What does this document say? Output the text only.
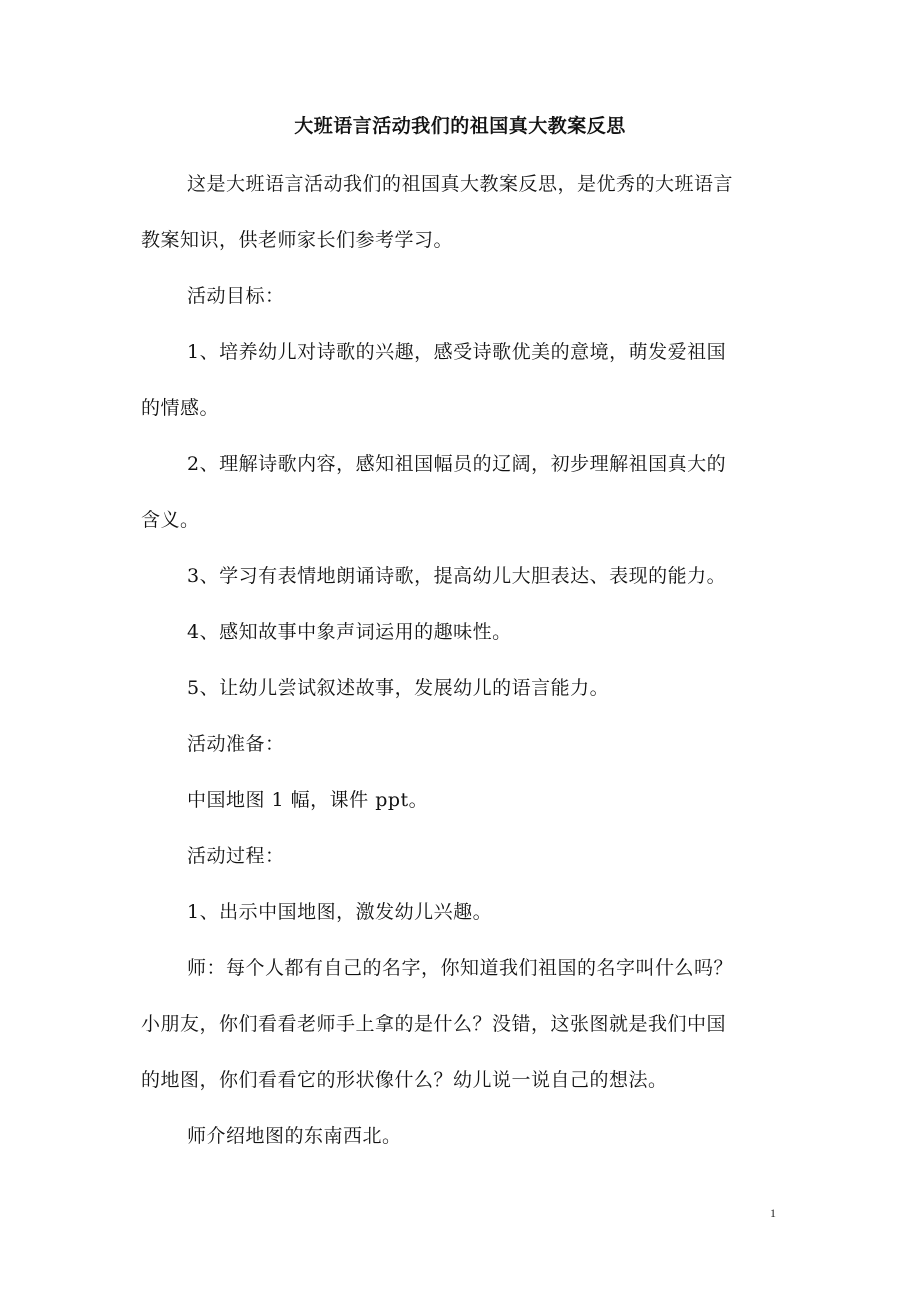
大班语言活动我们的祖国真大教案反思
这是大班语言活动我们的祖国真大教案反思，是优秀的大班语言
教案知识，供老师家长们参考学习。
活动目标：
1、培养幼儿对诗歌的兴趣，感受诗歌优美的意境，萌发爱祖国
的情感。
2、理解诗歌内容，感知祖国幅员的辽阔，初步理解祖国真大的
含义。
3、学习有表情地朗诵诗歌，提高幼儿大胆表达、表现的能力。
4、感知故事中象声词运用的趣味性。
5、让幼儿尝试叙述故事，发展幼儿的语言能力。
活动准备：
中国地图 1 幅，课件 ppt。
活动过程：
1、出示中国地图，激发幼儿兴趣。
师：每个人都有自己的名字，你知道我们祖国的名字叫什么吗？
小朋友，你们看看老师手上拿的是什么？没错，这张图就是我们中国
的地图，你们看看它的形状像什么？幼儿说一说自己的想法。
师介绍地图的东南西北。
1
